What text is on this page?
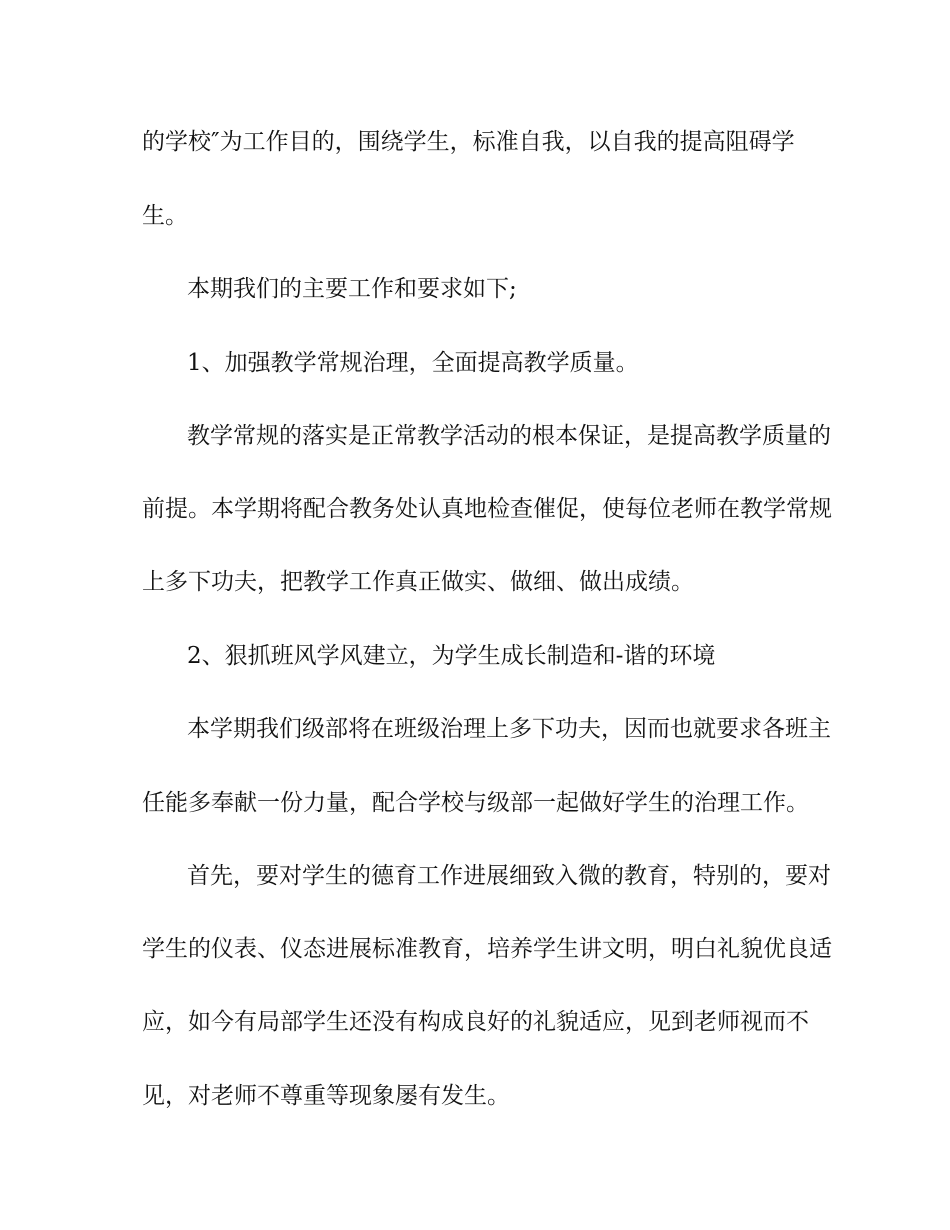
的学校″为工作目的，围绕学生，标准自我，以自我的提高阻碍学
生。
本期我们的主要工作和要求如下;
1、加强教学常规治理，全面提高教学质量。
教学常规的落实是正常教学活动的根本保证，是提高教学质量的
前提。本学期将配合教务处认真地检查催促，使每位老师在教学常规
上多下功夫，把教学工作真正做实、做细、做出成绩。
2、狠抓班风学风建立，为学生成长制造和-谐的环境
本学期我们级部将在班级治理上多下功夫，因而也就要求各班主
任能多奉献一份力量，配合学校与级部一起做好学生的治理工作。
首先，要对学生的德育工作进展细致入微的教育，特别的，要对
学生的仪表、仪态进展标准教育，培养学生讲文明，明白礼貌优良适
应，如今有局部学生还没有构成良好的礼貌适应，见到老师视而不
见，对老师不尊重等现象屡有发生。
